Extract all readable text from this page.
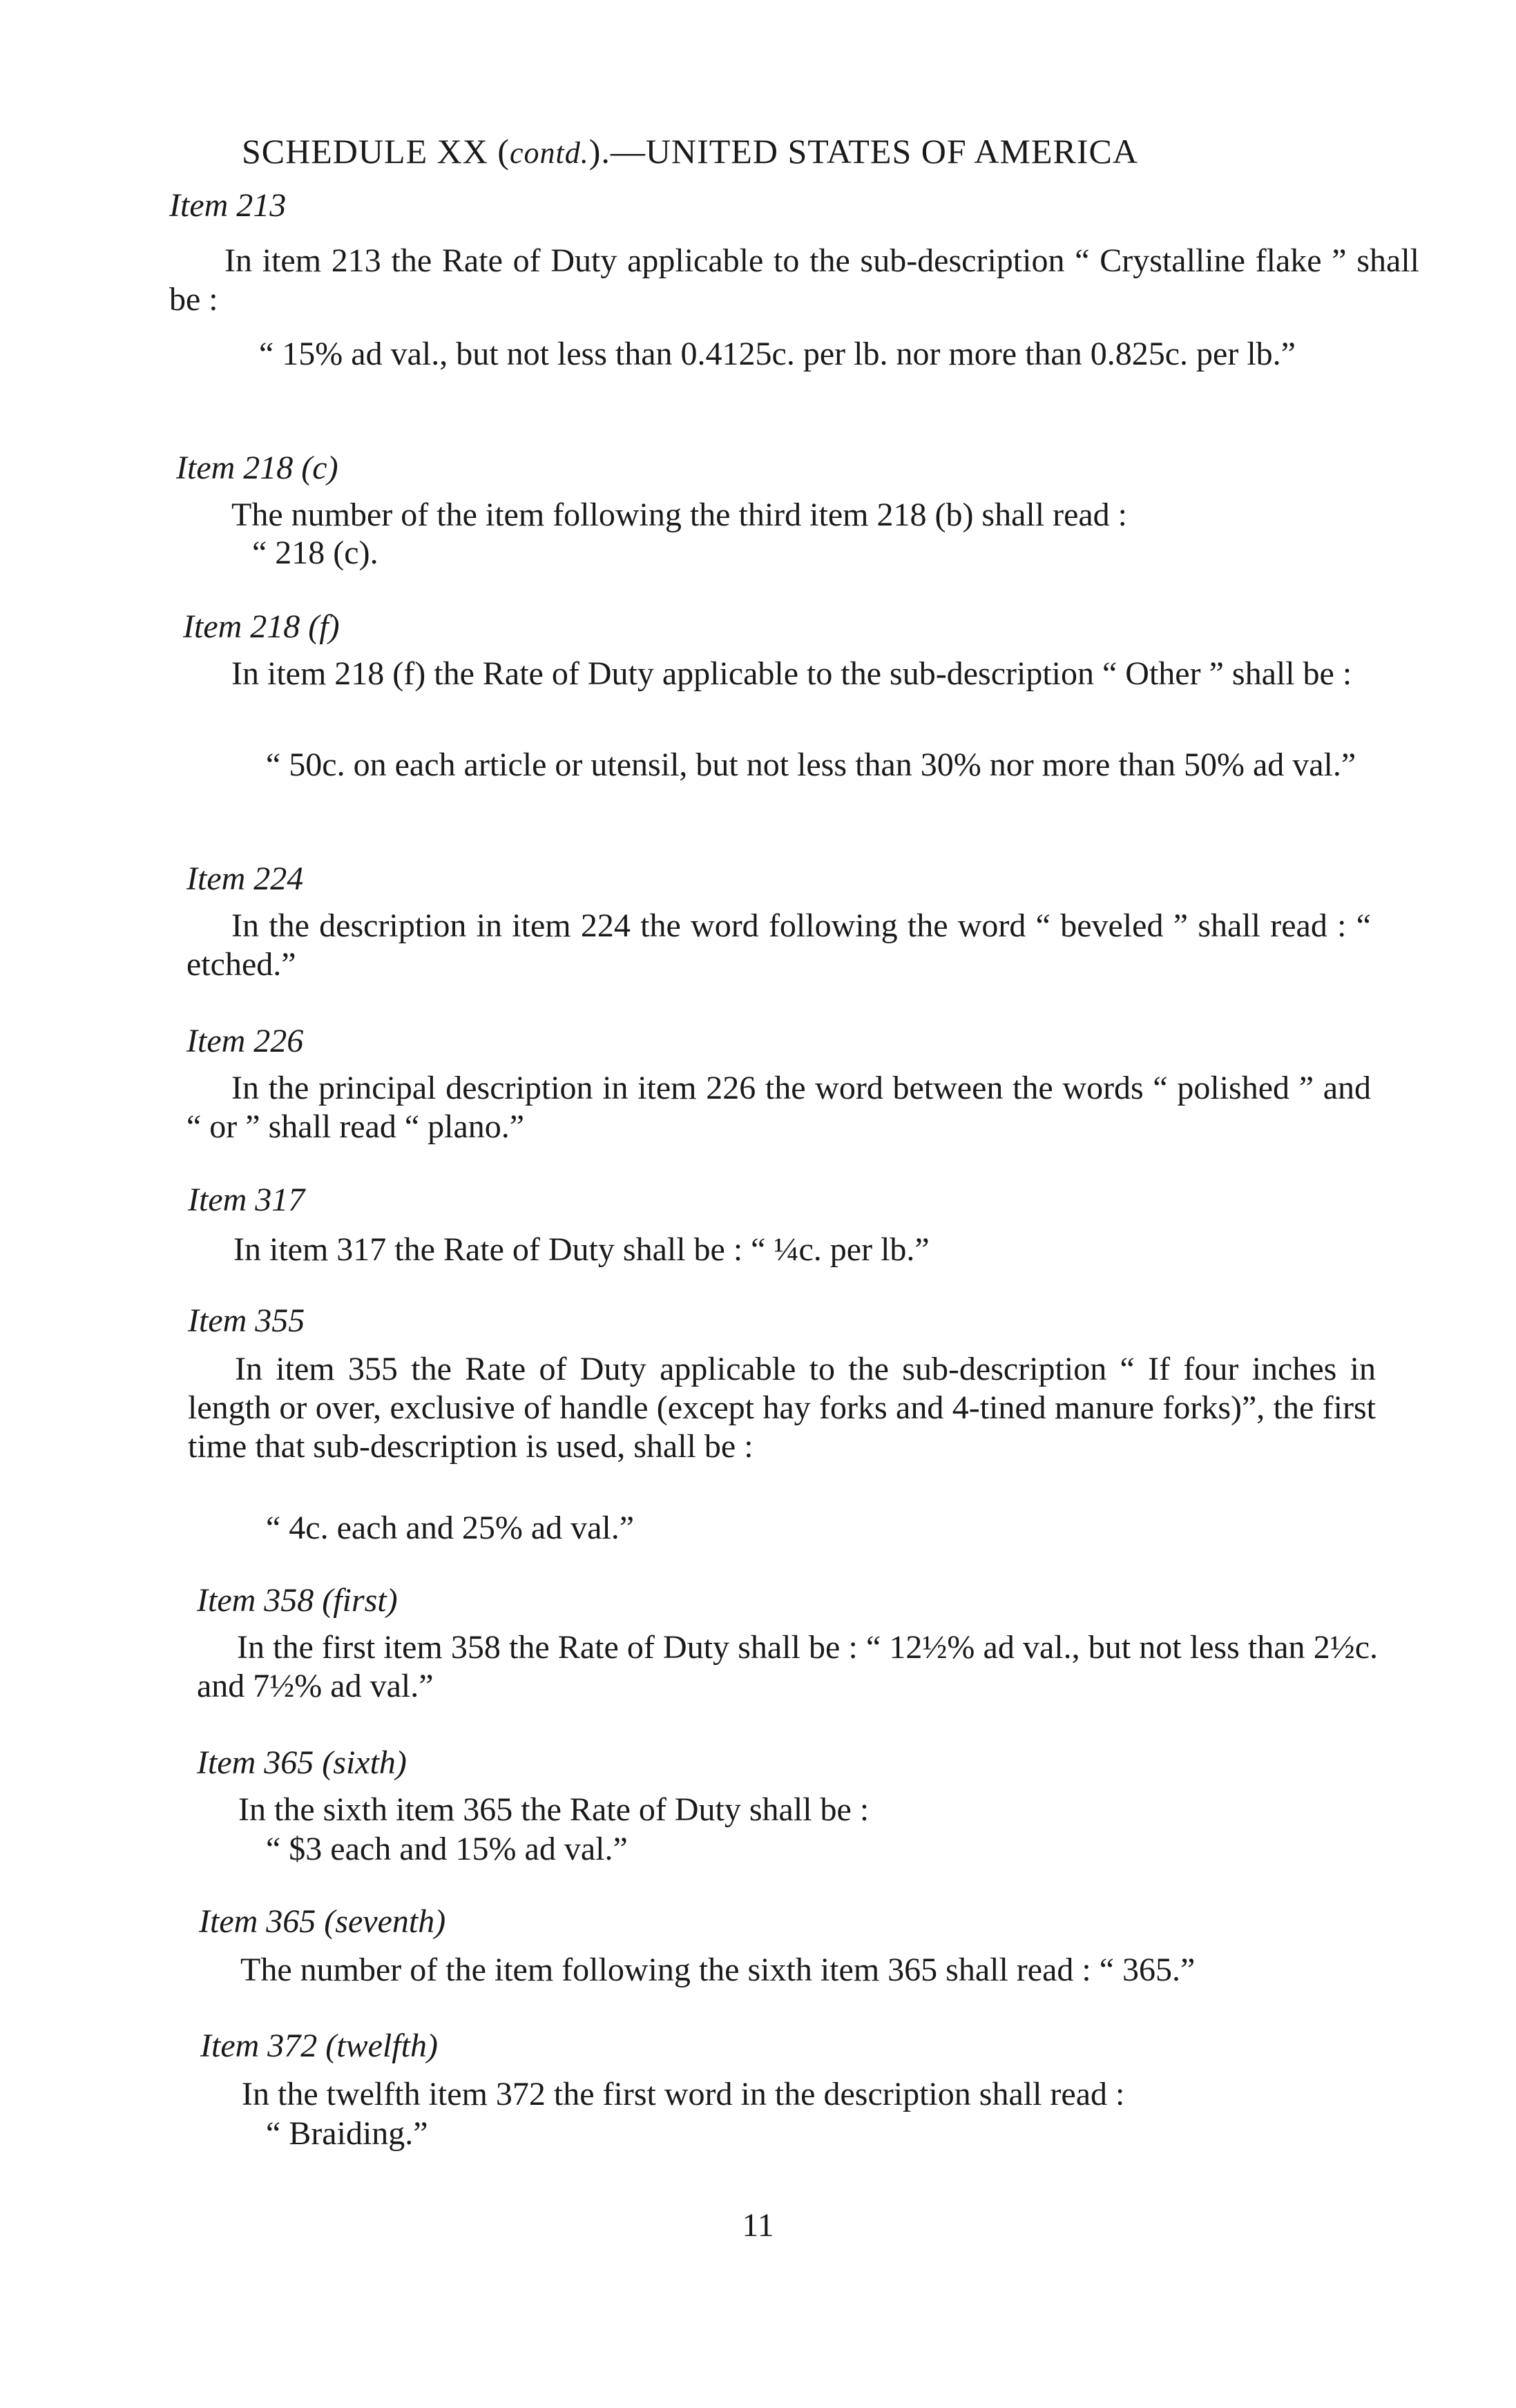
SCHEDULE XX (contd.).—UNITED STATES OF AMERICA
Item 213
In item 213 the Rate of Duty applicable to the sub-description “ Crystalline flake ” shall be :
“ 15% ad val., but not less than 0.4125c. per lb. nor more than 0.825c. per lb.”
Item 218 (c)
The number of the item following the third item 218 (b) shall read :
“ 218 (c).
Item 218 (f)
In item 218 (f) the Rate of Duty applicable to the sub-description “ Other ” shall be :
“ 50c. on each article or utensil, but not less than 30% nor more than 50% ad val.”
Item 224
In the description in item 224 the word following the word “ beveled ” shall read : “ etched.”
Item 226
In the principal description in item 226 the word between the words “ polished ” and “ or ” shall read “ plano.”
Item 317
In item 317 the Rate of Duty shall be : “ ¼c. per lb.”
Item 355
In item 355 the Rate of Duty applicable to the sub-description “ If four inches in length or over, exclusive of handle (except hay forks and 4-tined manure forks)”, the first time that sub-description is used, shall be :
“ 4c. each and 25% ad val.”
Item 358 (first)
In the first item 358 the Rate of Duty shall be : “ 12½% ad val., but not less than 2½c. and 7½% ad val.”
Item 365 (sixth)
In the sixth item 365 the Rate of Duty shall be :
“ $3 each and 15% ad val.”
Item 365 (seventh)
The number of the item following the sixth item 365 shall read : “ 365.”
Item 372 (twelfth)
In the twelfth item 372 the first word in the description shall read :
“ Braiding.”
11
